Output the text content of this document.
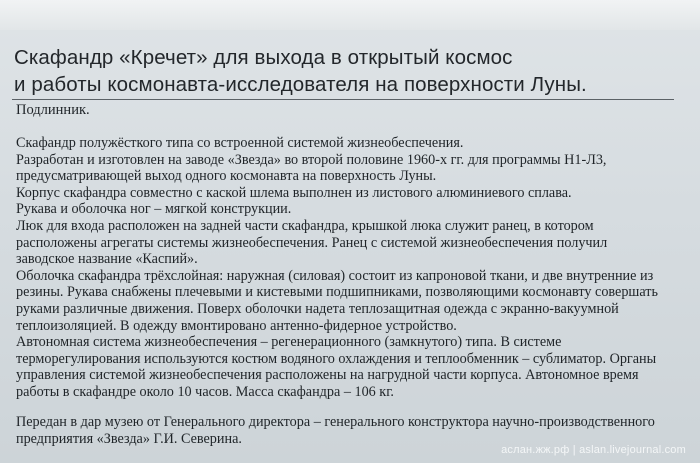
Скафандр «Кречет» для выхода в открытый космос
и работы космонавта-исследователя на поверхности Луны.
Подлинник.
Скафандр полужёсткого типа со встроенной системой жизнеобеспечения.
Разработан и изготовлен на заводе «Звезда» во второй половине 1960-х гг. для программы Н1-Л3,
предусматривающей выход одного космонавта на поверхность Луны.
Корпус скафандра совместно с каской шлема выполнен из листового алюминиевого сплава.
Рукава и оболочка ног – мягкой конструкции.
Люк для входа расположен на задней части скафандра, крышкой люка служит ранец, в котором
расположены агрегаты системы жизнеобеспечения. Ранец с системой жизнеобеспечения получил
заводское название «Каспий».
Оболочка скафандра трёхслойная: наружная (силовая) состоит из капроновой ткани, и две внутренние из
резины. Рукава снабжены плечевыми и кистевыми подшипниками, позволяющими космонавту совершать
руками различные движения. Поверх оболочки надета теплозащитная одежда с экранно-вакуумной
теплоизоляцией. В одежду вмонтировано антенно-фидерное устройство.
Автономная система жизнеобеспечения – регенерационного (замкнутого) типа. В системе
терморегулирования используются костюм водяного охлаждения и теплообменник – сублиматор. Органы
управления системой жизнеобеспечения расположены на нагрудной части корпуса. Автономное время
работы в скафандре около 10 часов. Масса скафандра – 106 кг.
Передан в дар музею от Генерального директора – генерального конструктора научно-производственного
предприятия «Звезда» Г.И. Северина.
аслан.жж.рф | aslan.livejournal.com
